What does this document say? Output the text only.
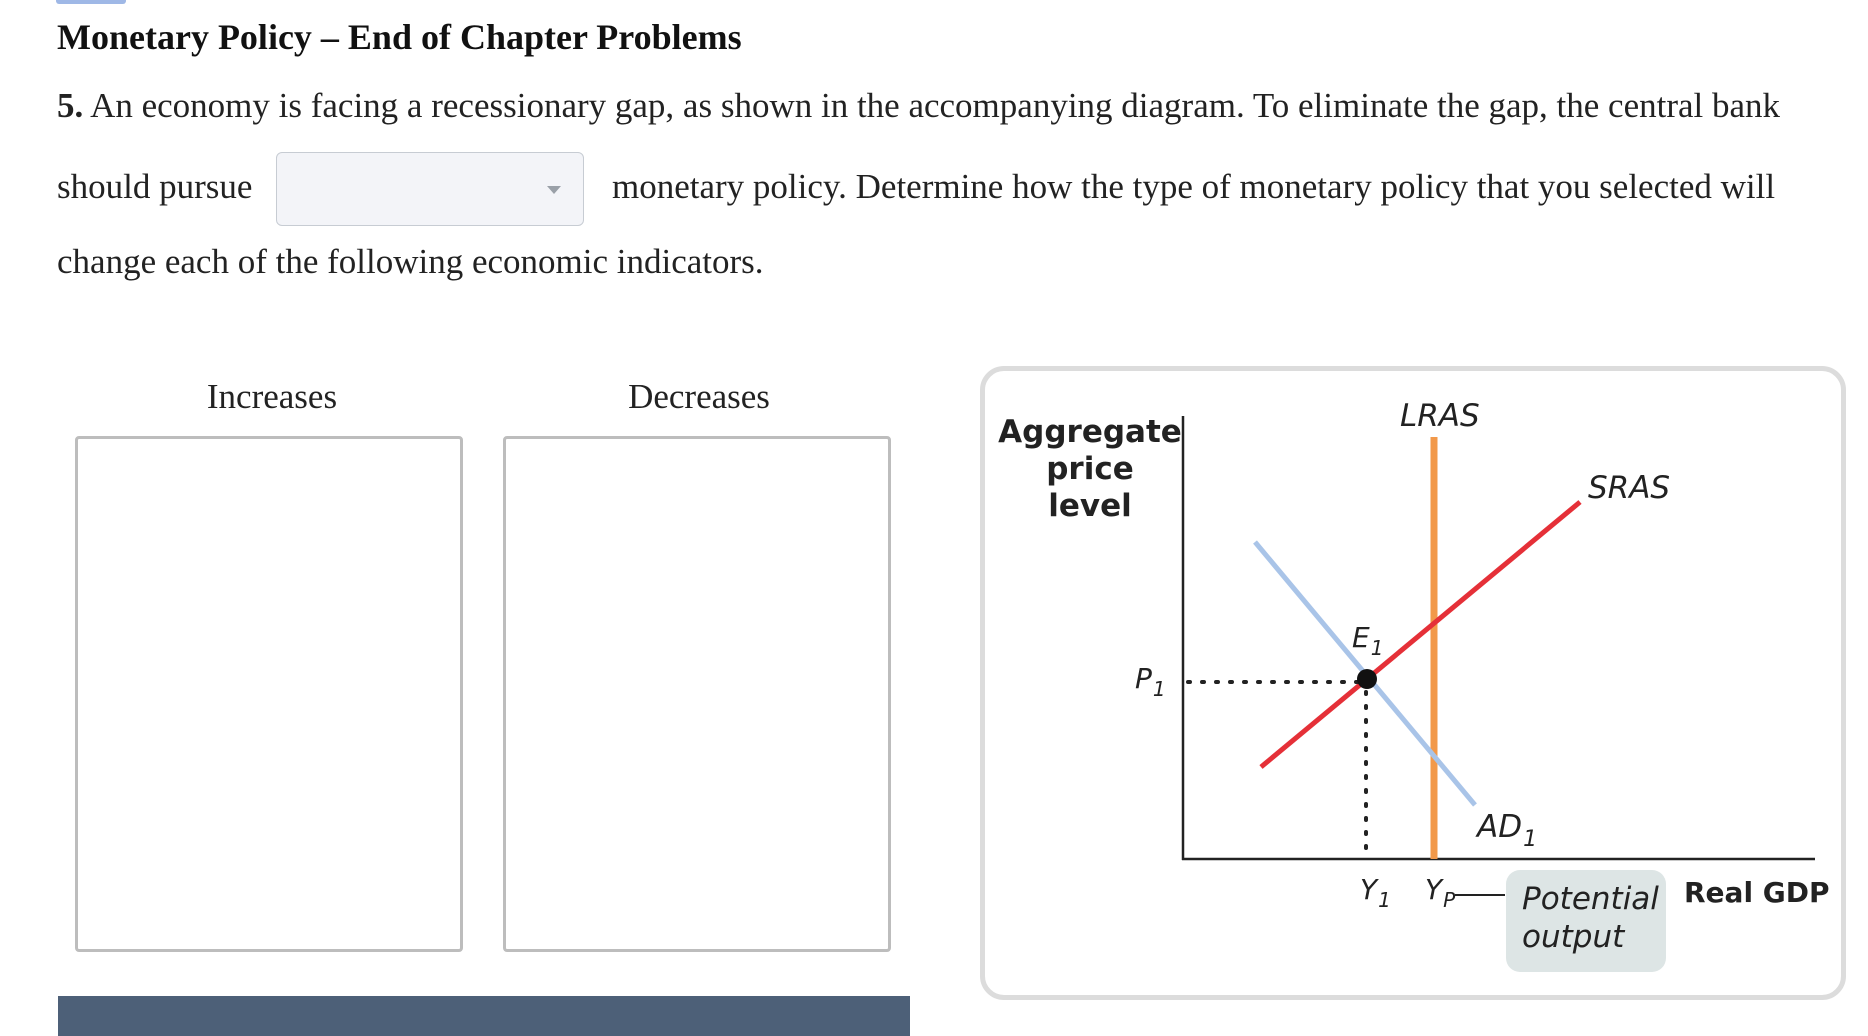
Monetary Policy – End of Chapter Problems
5. An economy is facing a recessionary gap, as shown in the accompanying diagram. To eliminate the gap, the central bank
should pursue	monetary policy. Determine how the type of monetary policy that you selected will
change each of the following economic indicators.
Increases	Decreases
Aggregate
price
level
LRAS
SRAS
$E_1$
$P_1$
$AD_1$
$Y_1$ $Y_P$ Potential
output
Real GDP
